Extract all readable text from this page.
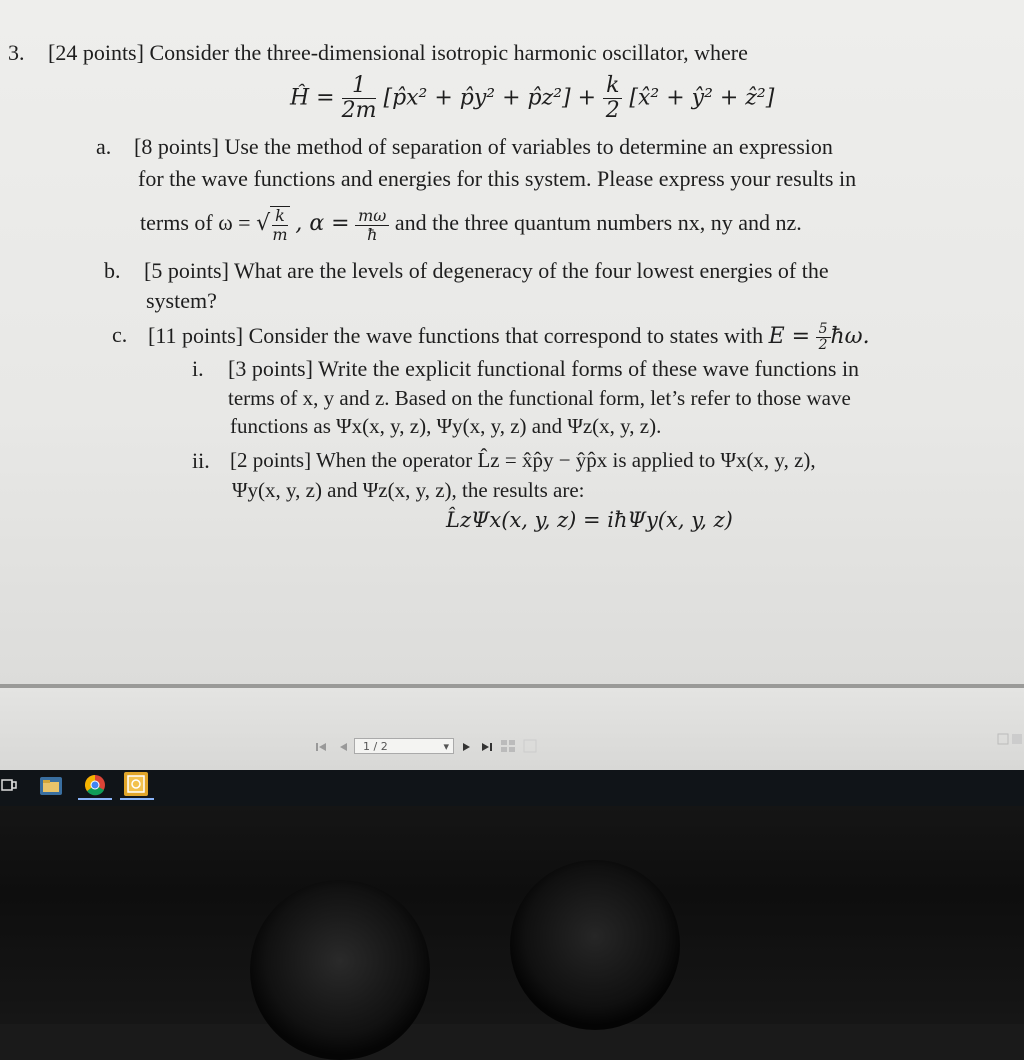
3. [24 points] Consider the three-dimensional isotropic harmonic oscillator, where
Ĥ = $\frac{1}{2m}$ [p̂x² + p̂y² + p̂z²] + $\frac{k}{2}$ [x̂² + ŷ² + ẑ²]
a. [8 points] Use the method of separation of variables to determine an expression
for the wave functions and energies for this system. Please express your results in
terms of ω = √ $\frac{k}{m}$ , $\alpha = \frac{m\omega}{ħ}$ and the three quantum numbers nx, ny and nz.
b. [5 points] What are the levels of degeneracy of the four lowest energies of the
system?
c. [11 points] Consider the wave functions that correspond to states with $E = \frac{5}{2}$ ħω.
i. [3 points] Write the explicit functional forms of these wave functions in
terms of x, y and z. Based on the functional form, let’s refer to those wave
functions as Ψx(x, y, z), Ψy(x, y, z) and Ψz(x, y, z).
ii. [2 points] When the operator L̂z = x̂p̂y − ŷp̂x is applied to Ψx(x, y, z),
Ψy(x, y, z) and Ψz(x, y, z), the results are:
L̂zΨx(x, y, z) = iħΨy(x, y, z)
1 / 2	▾
